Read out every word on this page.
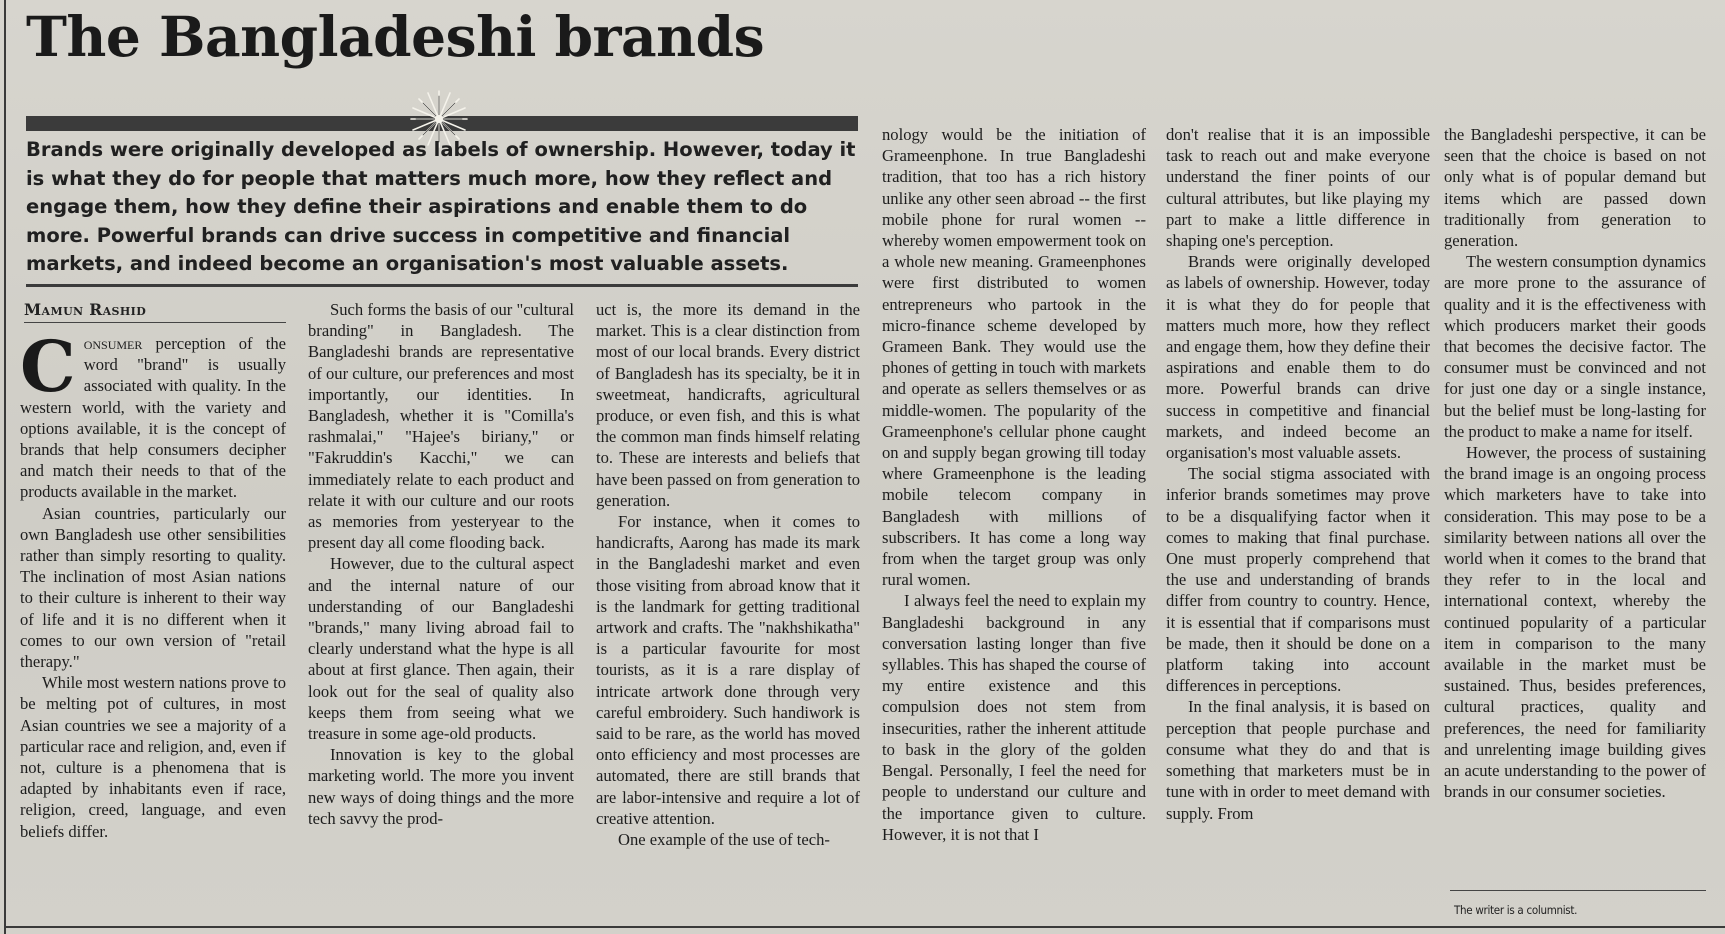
The Bangladeshi brands

Brands were originally developed as labels of ownership. However, today it is what they do for people that matters much more, how they reflect and engage them, how they define their aspirations and enable them to do more. Powerful brands can drive success in competitive and financial markets, and indeed become an organisation's most valuable assets.

Mamun Rashid

Consumer perception of the word "brand" is usually associated with quality. In the western world, with the variety and options available, it is the concept of brands that help consumers decipher and match their needs to that of the products available in the market.

Asian countries, particularly our own Bangladesh use other sensibilities rather than simply resorting to quality. The inclination of most Asian nations to their culture is inherent to their way of life and it is no different when it comes to our own version of "retail therapy."

While most western nations prove to be melting pot of cultures, in most Asian countries we see a majority of a particular race and religion, and, even if not, culture is a phenomena that is adapted by inhabitants even if race, religion, creed, language, and even beliefs differ.

Such forms the basis of our "cultural branding" in Bangladesh. The Bangladeshi brands are representative of our culture, our preferences and most importantly, our identities. In Bangladesh, whether it is "Comilla's rashmalai," "Hajee's biriany," or "Fakruddin's Kacchi," we can immediately relate to each product and relate it with our culture and our roots as memories from yesteryear to the present day all come flooding back.

However, due to the cultural aspect and the internal nature of our understanding of our Bangladeshi "brands," many living abroad fail to clearly understand what the hype is all about at first glance. Then again, their look out for the seal of quality also keeps them from seeing what we treasure in some age-old products.

Innovation is key to the global marketing world. The more you invent new ways of doing things and the more tech savvy the prod-

uct is, the more its demand in the market. This is a clear distinction from most of our local brands. Every district of Bangladesh has its specialty, be it in sweetmeat, handicrafts, agricultural produce, or even fish, and this is what the common man finds himself relating to. These are interests and beliefs that have been passed on from generation to generation.

For instance, when it comes to handicrafts, Aarong has made its mark in the Bangladeshi market and even those visiting from abroad know that it is the landmark for getting traditional artwork and crafts. The "nakhshikatha" is a particular favourite for most tourists, as it is a rare display of intricate artwork done through very careful embroidery. Such handiwork is said to be rare, as the world has moved onto efficiency and most processes are automated, there are still brands that are labor-intensive and require a lot of creative attention.

One example of the use of tech-

nology would be the initiation of Grameenphone. In true Bangladeshi tradition, that too has a rich history unlike any other seen abroad -- the first mobile phone for rural women -- whereby women empowerment took on a whole new meaning. Grameenphones were first distributed to women entrepreneurs who partook in the micro-finance scheme developed by Grameen Bank. They would use the phones of getting in touch with markets and operate as sellers themselves or as middle-women. The popularity of the Grameenphone's cellular phone caught on and supply began growing till today where Grameenphone is the leading mobile telecom company in Bangladesh with millions of subscribers. It has come a long way from when the target group was only rural women.

I always feel the need to explain my Bangladeshi background in any conversation lasting longer than five syllables. This has shaped the course of my entire existence and this compulsion does not stem from insecurities, rather the inherent attitude to bask in the glory of the golden Bengal. Personally, I feel the need for people to understand our culture and the importance given to culture. However, it is not that I

don't realise that it is an impossible task to reach out and make everyone understand the finer points of our cultural attributes, but like playing my part to make a little difference in shaping one's perception.

Brands were originally developed as labels of ownership. However, today it is what they do for people that matters much more, how they reflect and engage them, how they define their aspirations and enable them to do more. Powerful brands can drive success in competitive and financial markets, and indeed become an organisation's most valuable assets.

The social stigma associated with inferior brands sometimes may prove to be a disqualifying factor when it comes to making that final purchase. One must properly comprehend that the use and understanding of brands differ from country to country. Hence, it is essential that if comparisons must be made, then it should be done on a platform taking into account differences in perceptions.

In the final analysis, it is based on perception that people purchase and consume what they do and that is something that marketers must be in tune with in order to meet demand with supply. From

the Bangladeshi perspective, it can be seen that the choice is based on not only what is of popular demand but items which are passed down traditionally from generation to generation.

The western consumption dynamics are more prone to the assurance of quality and it is the effectiveness with which producers market their goods that becomes the decisive factor. The consumer must be convinced and not for just one day or a single instance, but the belief must be long-lasting for the product to make a name for itself.

However, the process of sustaining the brand image is an ongoing process which marketers have to take into consideration. This may pose to be a similarity between nations all over the world when it comes to the brand that they refer to in the local and international context, whereby the continued popularity of a particular item in comparison to the many available in the market must be sustained. Thus, besides preferences, cultural practices, quality and preferences, the need for familiarity and unrelenting image building gives an acute understanding to the power of brands in our consumer societies.

The writer is a columnist.
